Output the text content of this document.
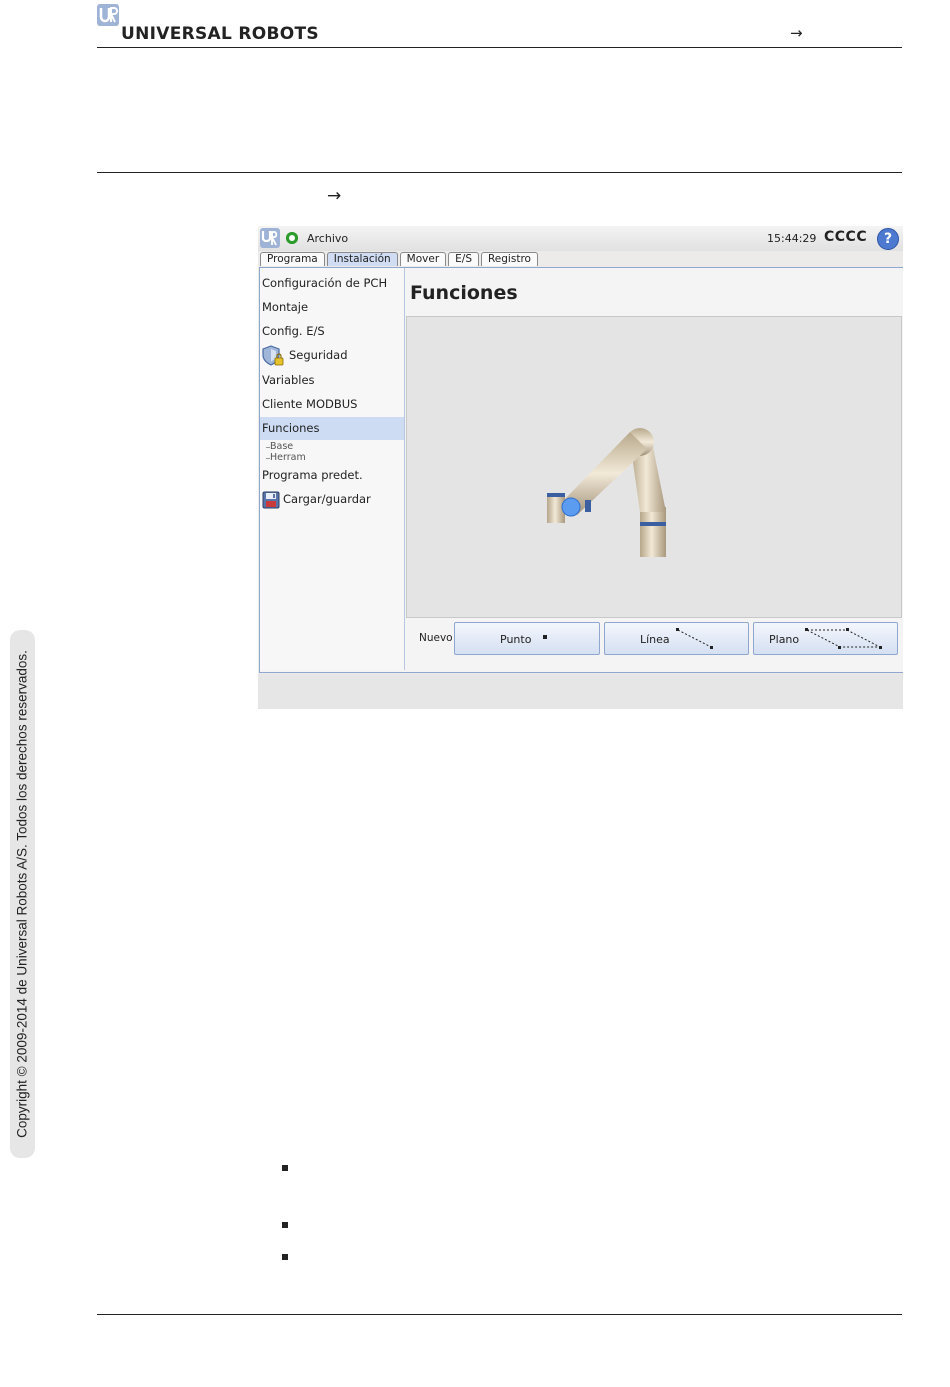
UNIVERSAL ROBOTS	→
→
Copyright © 2009-2014 de Universal Robots A/S. Todos los derechos reservados.
Archivo	15:44:29 CCCC	?
Programa	Instalación	Mover	E/S	Registro
Configuración de PCH
Montaje
Config. E/S
Seguridad
Variables
Cliente MODBUS
Funciones
Base
Herram
Programa predet.
Cargar/guardar
Funciones
Nuevo	Punto	Línea	Plano
